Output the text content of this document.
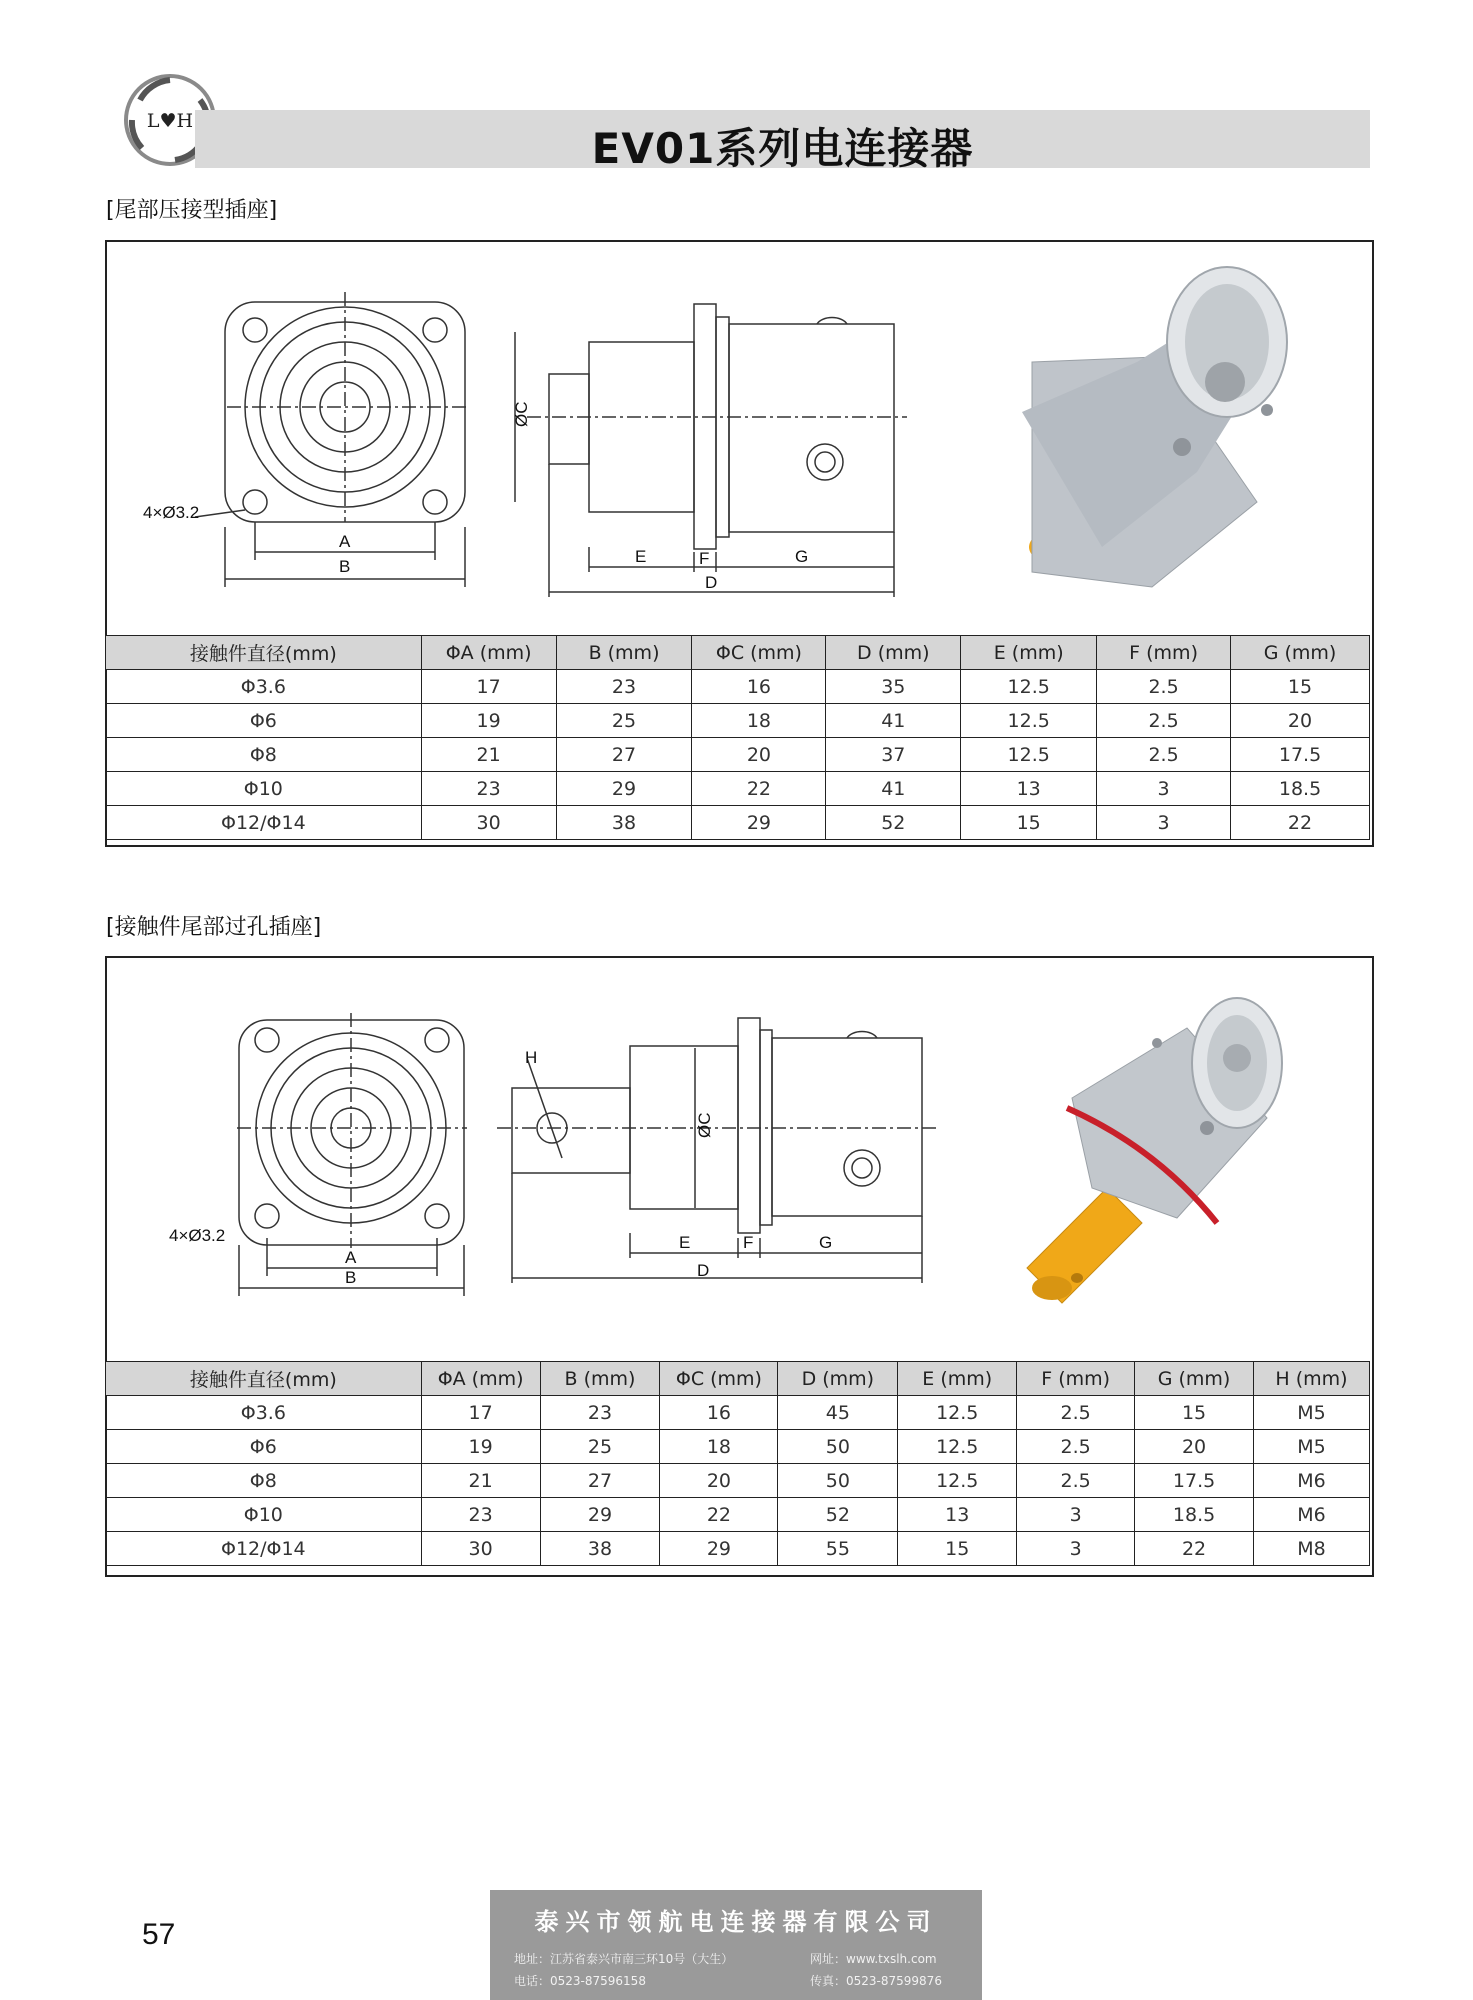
L♥H
EV01系列电连接器
[尾部压接型插座]
4×Ø3.2
A
B
ØC
E	F	G
D
接触件直径(mm)	ΦA (mm)	B (mm)	ΦC (mm)	D (mm)	E (mm)	F (mm)	G (mm)
Φ3.6	17	23	16	35	12.5	2.5	15
Φ6	19	25	18	41	12.5	2.5	20
Φ8	21	27	20	37	12.5	2.5	17.5
Φ10	23	29	22	41	13	3	18.5
Φ12/Φ14	30	38	29	52	15	3	22
[接触件尾部过孔插座]
4×Ø3.2
A
B
ØC
H
E	F	G
D
接触件直径(mm)	ΦA (mm)	B (mm)	ΦC (mm)	D (mm)	E (mm)	F (mm)	G (mm)	H (mm)
Φ3.6	17	23	16	45	12.5	2.5	15	M5
Φ6	19	25	18	50	12.5	2.5	20	M5
Φ8	21	27	20	50	12.5	2.5	17.5	M6
Φ10	23	29	22	52	13	3	18.5	M6
Φ12/Φ14	30	38	29	55	15	3	22	M8
57	泰兴市领航电连接器有限公司
地址：江苏省泰兴市南三环10号（大生）	网址：www.txslh.com
电话：0523-87596158	传真：0523-87599876
